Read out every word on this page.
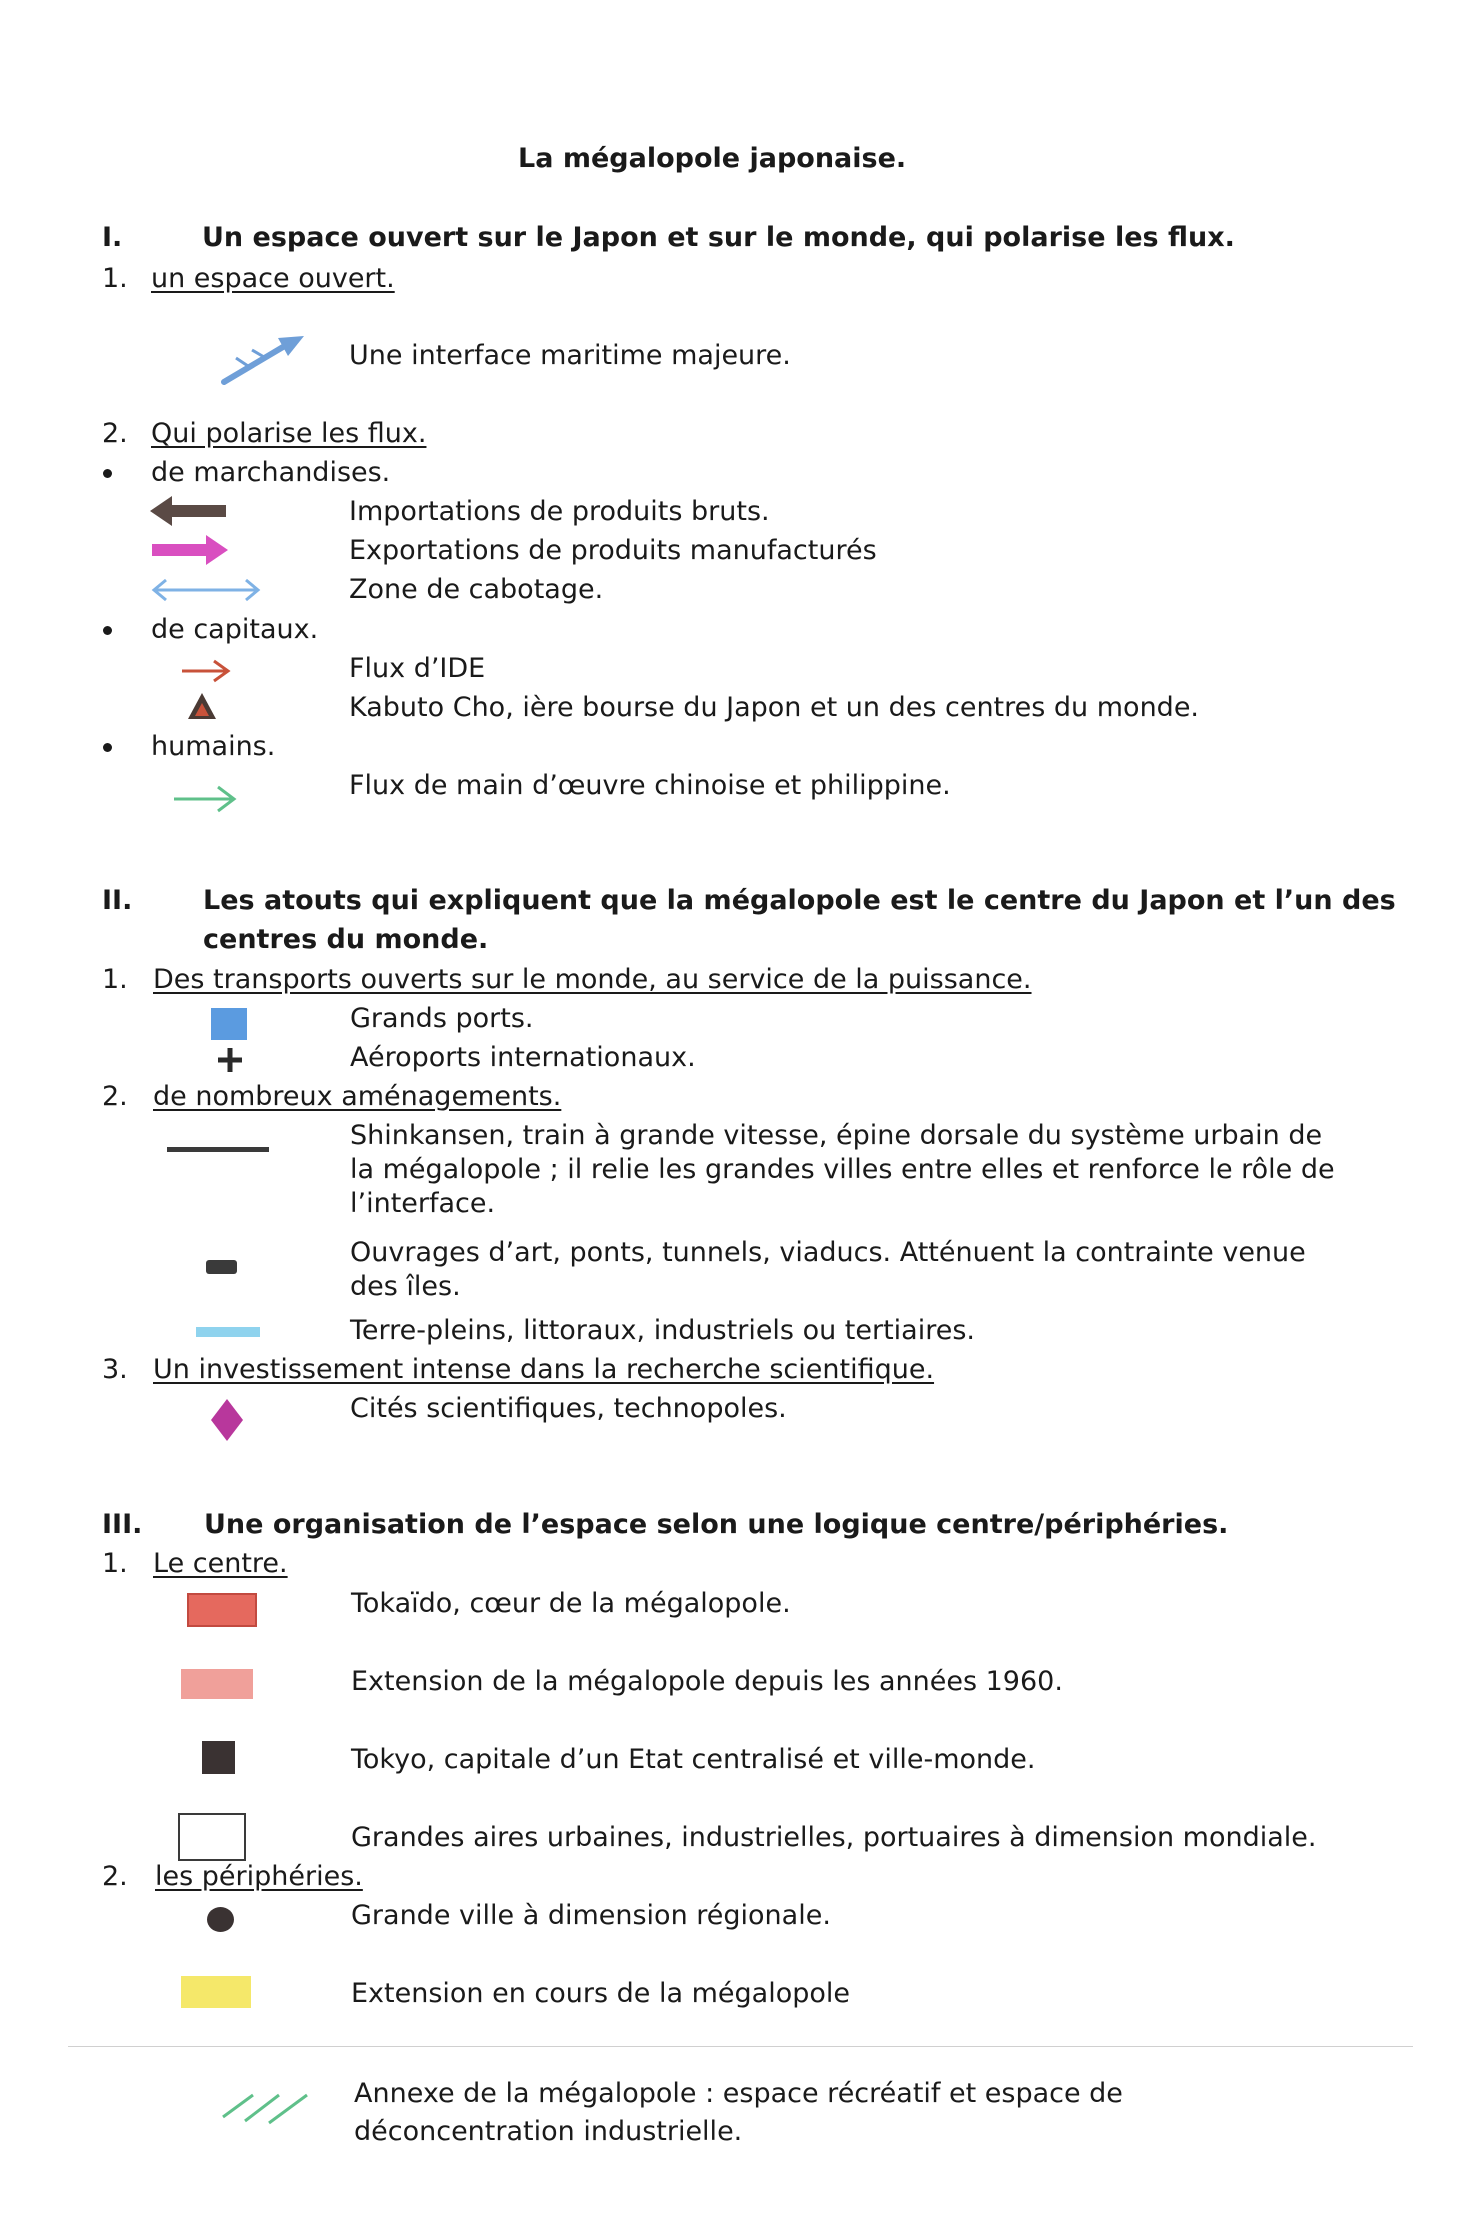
La mégalopole japonaise.
I.	Un espace ouvert sur le Japon et sur le monde, qui polarise les flux.
1. un espace ouvert.
Une interface maritime majeure.
2. Qui polarise les flux.
de marchandises.
Importations de produits bruts.
Exportations de produits manufacturés
Zone de cabotage.
de capitaux.
Flux d’IDE
Kabuto Cho, ière bourse du Japon et un des centres du monde.
humains.
Flux de main d’œuvre chinoise et philippine.
II.	Les atouts qui expliquent que la mégalopole est le centre du Japon et l’un des
centres du monde.
1. Des transports ouverts sur le monde, au service de la puissance.
Grands ports.
Aéroports internationaux.
2. de nombreux aménagements.
Shinkansen, train à grande vitesse, épine dorsale du système urbain de la mégalopole ; il relie les grandes villes entre elles et renforce le rôle de l’interface.
Ouvrages d’art, ponts, tunnels, viaducs. Atténuent la contrainte venue des îles.
Terre-pleins, littoraux, industriels ou tertiaires.
3. Un investissement intense dans la recherche scientifique.
Cités scientifiques, technopoles.
III. Une organisation de l’espace selon une logique centre/périphéries.
1. Le centre.
Tokaïdo, cœur de la mégalopole.
Extension de la mégalopole depuis les années 1960.
Tokyo, capitale d’un Etat centralisé et ville-monde.
Grandes aires urbaines, industrielles, portuaires à dimension mondiale.
2. les périphéries.
Grande ville à dimension régionale.
Extension en cours de la mégalopole
Annexe de la mégalopole : espace récréatif et espace de déconcentration industrielle.
